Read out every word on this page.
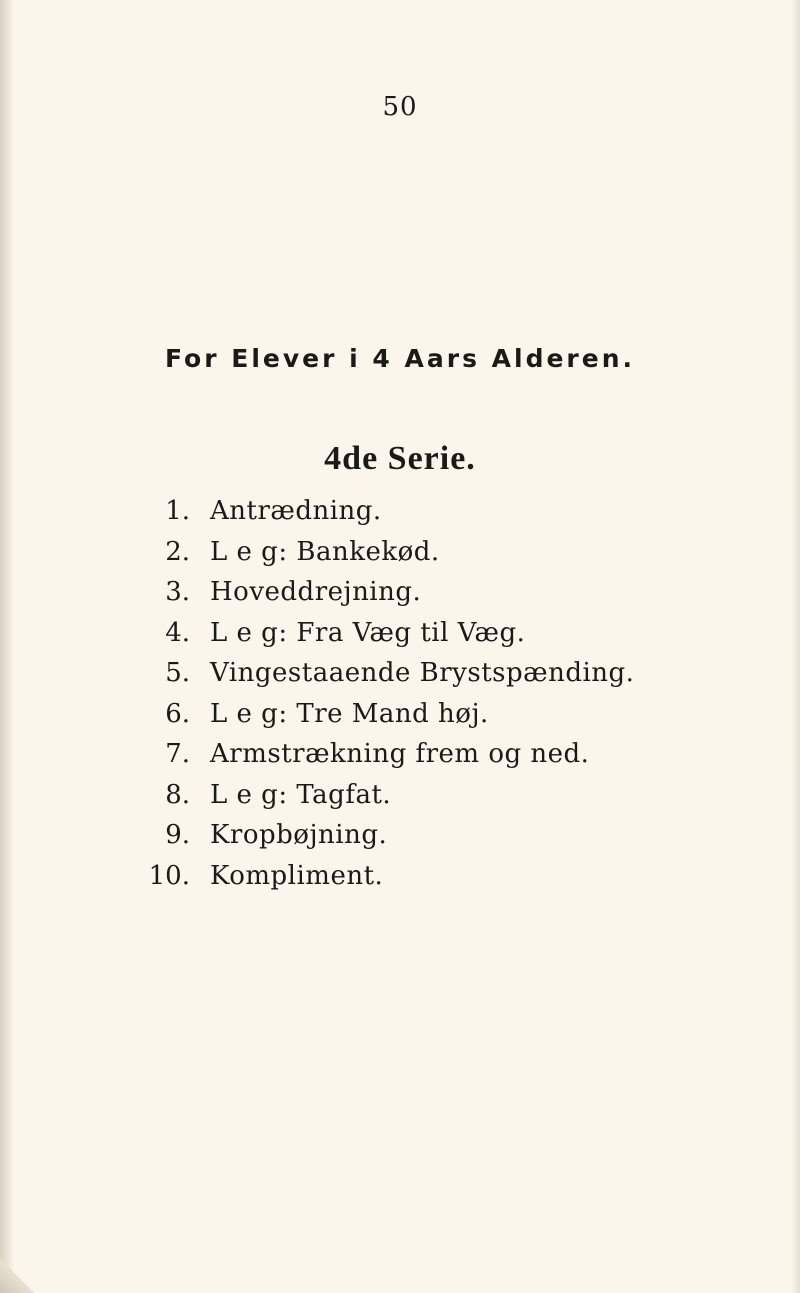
50
For Elever i 4 Aars Alderen.
4de Serie.
1. Antrædning.
2. L e g: Bankekød.
3. Hoveddrejning.
4. L e g: Fra Væg til Væg.
5. Vingestaaende Brystspænding.
6. L e g: Tre Mand høj.
7. Armstrækning frem og ned.
8. L e g: Tagfat.
9. Kropbøjning.
10. Kompliment.
